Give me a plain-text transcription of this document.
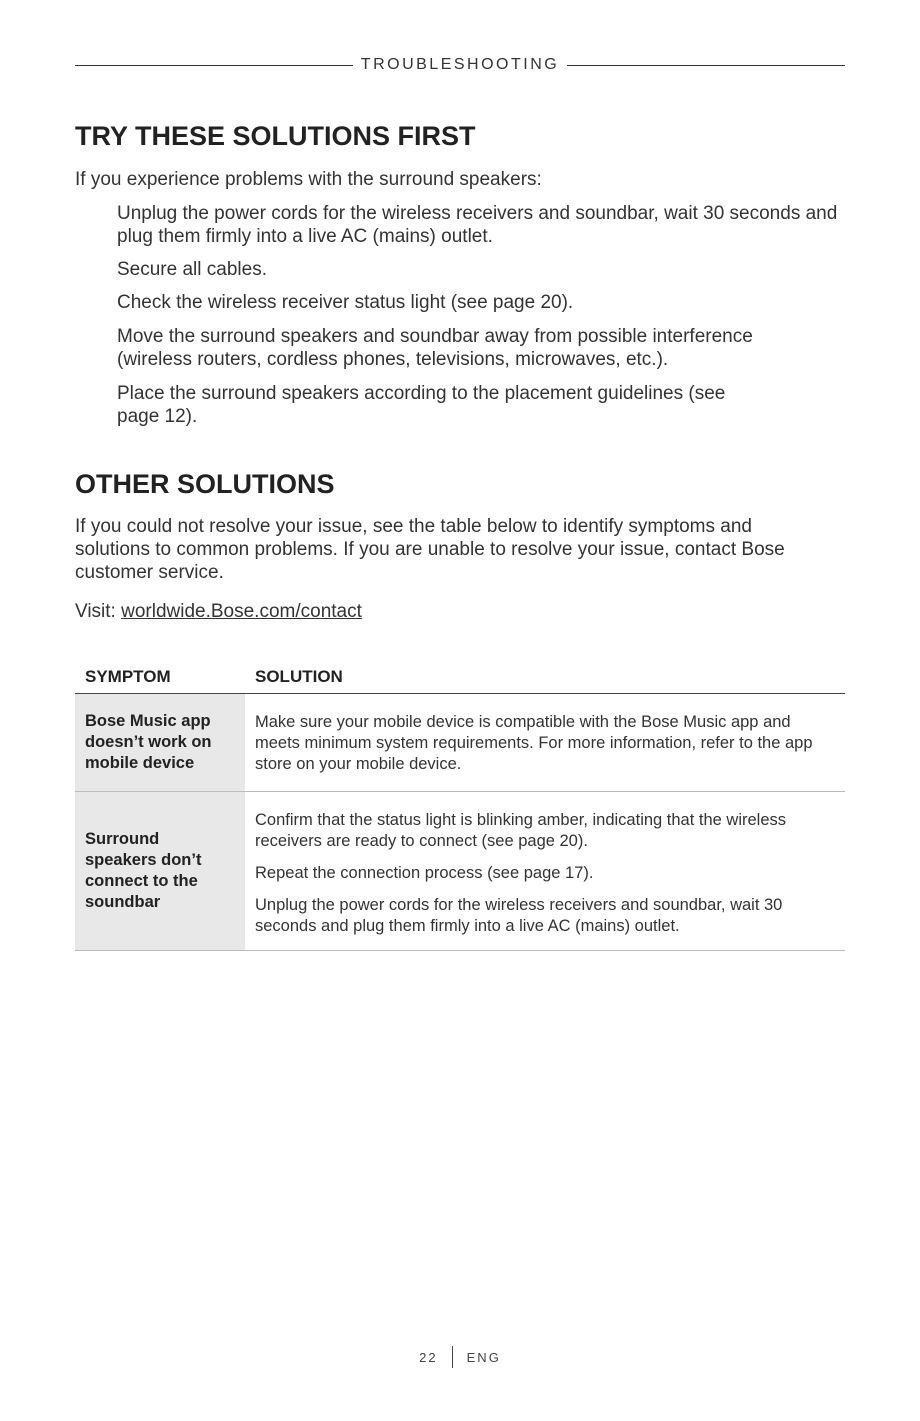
TROUBLESHOOTING
TRY THESE SOLUTIONS FIRST
If you experience problems with the surround speakers:
Unplug the power cords for the wireless receivers and soundbar, wait 30 seconds and plug them firmly into a live AC (mains) outlet.
Secure all cables.
Check the wireless receiver status light (see page 20).
Move the surround speakers and soundbar away from possible interference (wireless routers, cordless phones, televisions, microwaves, etc.).
Place the surround speakers according to the placement guidelines (see page 12).
OTHER SOLUTIONS
If you could not resolve your issue, see the table below to identify symptoms and solutions to common problems. If you are unable to resolve your issue, contact Bose customer service.
Visit: worldwide.Bose.com/contact
SYMPTOM	SOLUTION
Bose Music app doesn’t work on mobile device	Make sure your mobile device is compatible with the Bose Music app and meets minimum system requirements. For more information, refer to the app store on your mobile device.

Surround speakers don’t connect to the soundbar	Confirm that the status light is blinking amber, indicating that the wireless receivers are ready to connect (see page 20).

Repeat the connection process (see page 17).

Unplug the power cords for the wireless receivers and soundbar, wait 30 seconds and plug them firmly into a live AC (mains) outlet.

22 ENG
